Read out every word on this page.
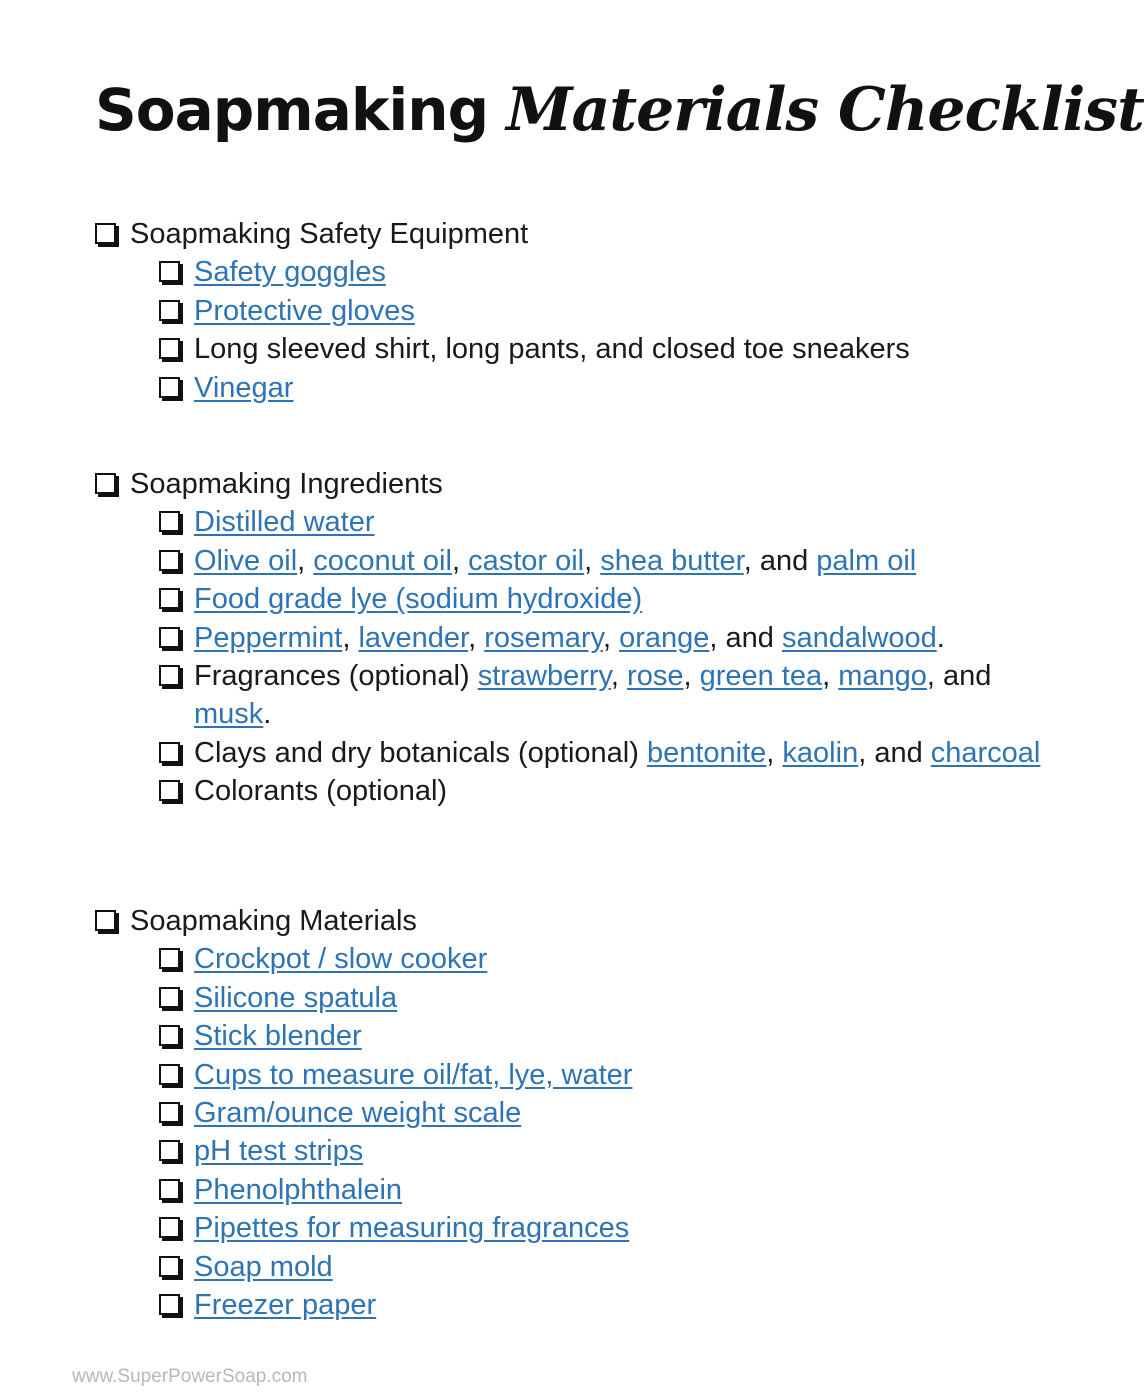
Soapmaking Materials Checklist
Soapmaking Safety Equipment
Safety goggles
Protective gloves
Long sleeved shirt, long pants, and closed toe sneakers
Vinegar
Soapmaking Ingredients
Distilled water
Olive oil, coconut oil, castor oil, shea butter, and palm oil
Food grade lye (sodium hydroxide)
Peppermint, lavender, rosemary, orange, and sandalwood.
Fragrances (optional) strawberry, rose, green tea, mango, and musk.
Clays and dry botanicals (optional) bentonite, kaolin, and charcoal
Colorants (optional)
Soapmaking Materials
Crockpot / slow cooker
Silicone spatula
Stick blender
Cups to measure oil/fat, lye, water
Gram/ounce weight scale
pH test strips
Phenolphthalein
Pipettes for measuring fragrances
Soap mold
Freezer paper
www.SuperPowerSoap.com
